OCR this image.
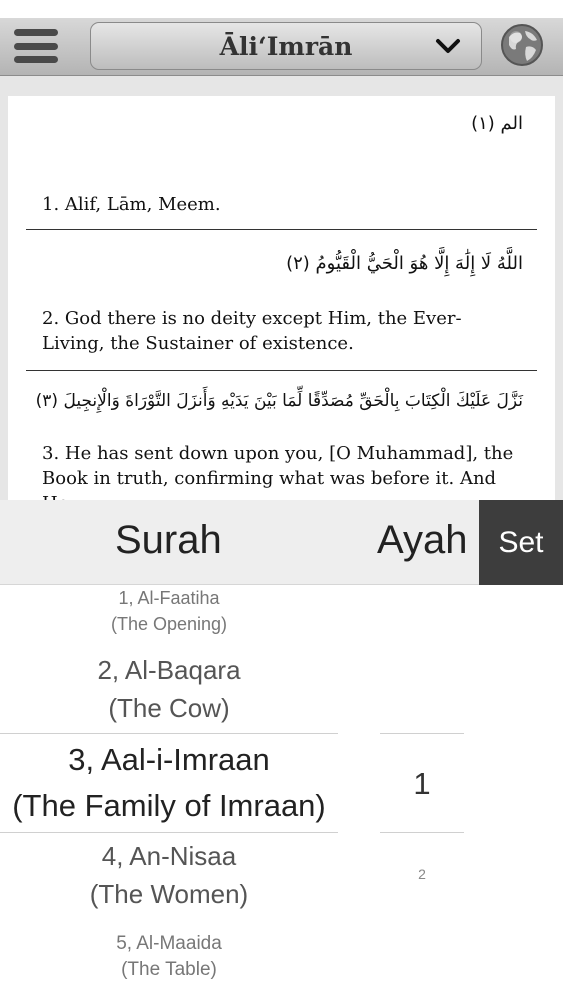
Āli‘Imrān
الم (١)
1. Alif, Lām, Meem.
اللَّهُ لَا إِلَٰهَ إِلَّا هُوَ الْحَيُّ الْقَيُّومُ (٢)
2. God there is no deity except Him, the Ever-Living, the Sustainer of existence.
نَزَّلَ عَلَيْكَ الْكِتَابَ بِالْحَقِّ مُصَدِّقًا لِّمَا بَيْنَ يَدَيْهِ وَأَنزَلَ التَّوْرَاةَ وَالْإِنجِيلَ (٣)
3. He has sent down upon you, [O Muhammad], the Book in truth, confirming what was before it. And
Surah	Ayah	Set
1, Al-Faatiha
(The Opening)
2, Al-Baqara
(The Cow)
3, Aal-i-Imraan
(The Family of Imraan)
4, An-Nisaa
(The Women)
5, Al-Maaida
(The Table)
1
2
